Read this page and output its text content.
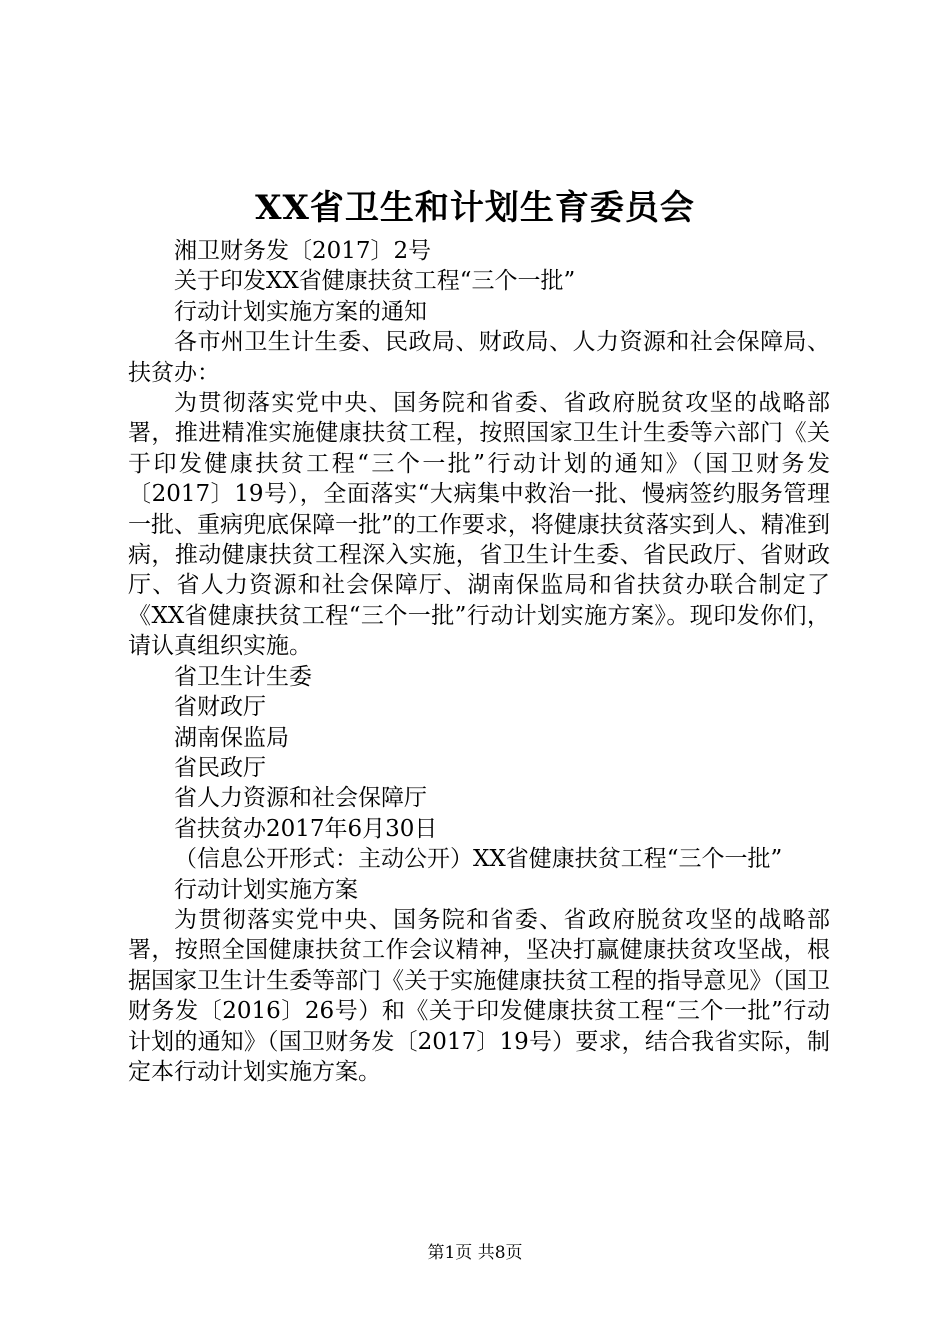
XX省卫生和计划生育委员会

湘卫财务发〔2017〕2号

关于印发XX省健康扶贫工程“三个一批”

行动计划实施方案的通知

各市州卫生计生委、民政局、财政局、人力资源和社会保障局、扶贫办：

为贯彻落实党中央、国务院和省委、省政府脱贫攻坚的战略部署，推进精准实施健康扶贫工程，按照国家卫生计生委等六部门《关于印发健康扶贫工程“三个一批”行动计划的通知》（国卫财务发〔2017〕19号），全面落实“大病集中救治一批、慢病签约服务管理一批、重病兜底保障一批”的工作要求，将健康扶贫落实到人、精准到病，推动健康扶贫工程深入实施，省卫生计生委、省民政厅、省财政厅、省人力资源和社会保障厅、湖南保监局和省扶贫办联合制定了《XX省健康扶贫工程“三个一批”行动计划实施方案》。现印发你们，请认真组织实施。

省卫生计生委

省财政厅

湖南保监局

省民政厅

省人力资源和社会保障厅

省扶贫办2017年6月30日

（信息公开形式：主动公开）XX省健康扶贫工程“三个一批”

行动计划实施方案

为贯彻落实党中央、国务院和省委、省政府脱贫攻坚的战略部署，按照全国健康扶贫工作会议精神，坚决打赢健康扶贫攻坚战，根据国家卫生计生委等部门《关于实施健康扶贫工程的指导意见》（国卫财务发〔2016〕26号）和《关于印发健康扶贫工程“三个一批”行动计划的通知》（国卫财务发〔2017〕19号）要求，结合我省实际，制定本行动计划实施方案。

第1页 共8页
